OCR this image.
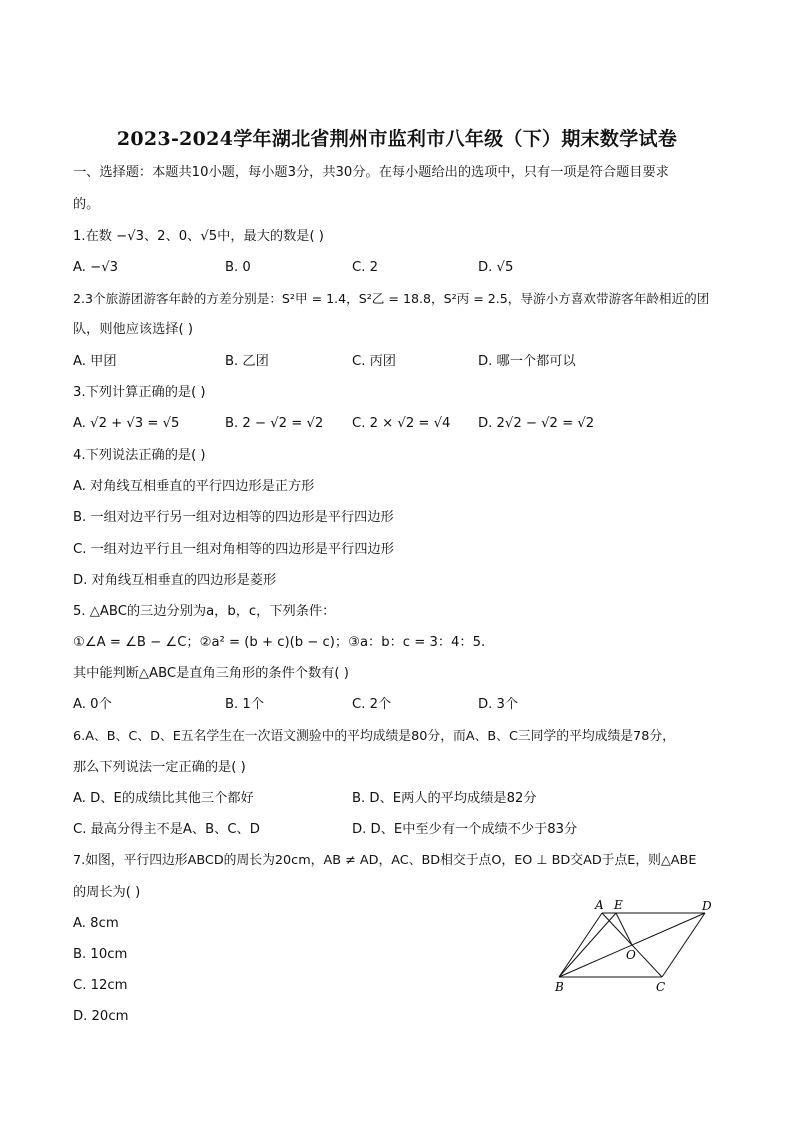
2023-2024学年湖北省荆州市监利市八年级（下）期末数学试卷
一、选择题：本题共10小题，每小题3分，共30分。在每小题给出的选项中，只有一项是符合题目要求
的。
1.在数 −√3、2、0、√5中，最大的数是( )
A. −√3	B. 0	C. 2	D. √5
2.3个旅游团游客年龄的方差分别是：S²甲 = 1.4，S²乙 = 18.8，S²丙 = 2.5，导游小方喜欢带游客年龄相近的团
队，则他应该选择( )
A. 甲团	B. 乙团	C. 丙团	D. 哪一个都可以
3.下列计算正确的是( )
A. √2 + √3 = √5	B. 2 − √2 = √2 C. 2 × √2 = √4 D. 2√2 − √2 = √2
4.下列说法正确的是( )
A. 对角线互相垂直的平行四边形是正方形
B. 一组对边平行另一组对边相等的四边形是平行四边形
C. 一组对边平行且一组对角相等的四边形是平行四边形
D. 对角线互相垂直的四边形是菱形
5. △ABC的三边分别为a，b，c，下列条件：
①∠A = ∠B − ∠C；②a² = (b + c)(b − c)；③a：b：c = 3：4：5.
其中能判断△ABC是直角三角形的条件个数有( )
A. 0个	B. 1个	C. 2个	D. 3个
6.A、B、C、D、E五名学生在一次语文测验中的平均成绩是80分，而A、B、C三同学的平均成绩是78分，
那么下列说法一定正确的是( )
A. D、E的成绩比其他三个都好	B. D、E两人的平均成绩是82分
C. 最高分得主不是A、B、C、D	D. D、E中至少有一个成绩不少于83分
7.如图，平行四边形ABCD的周长为20cm，AB ≠ AD，AC、BD相交于点O，EO ⊥ BD交AD于点E，则△ABE
的周长为( )
A. 8cm
B. 10cm
C. 12cm
D. 20cm
A E	D
O
B	C
